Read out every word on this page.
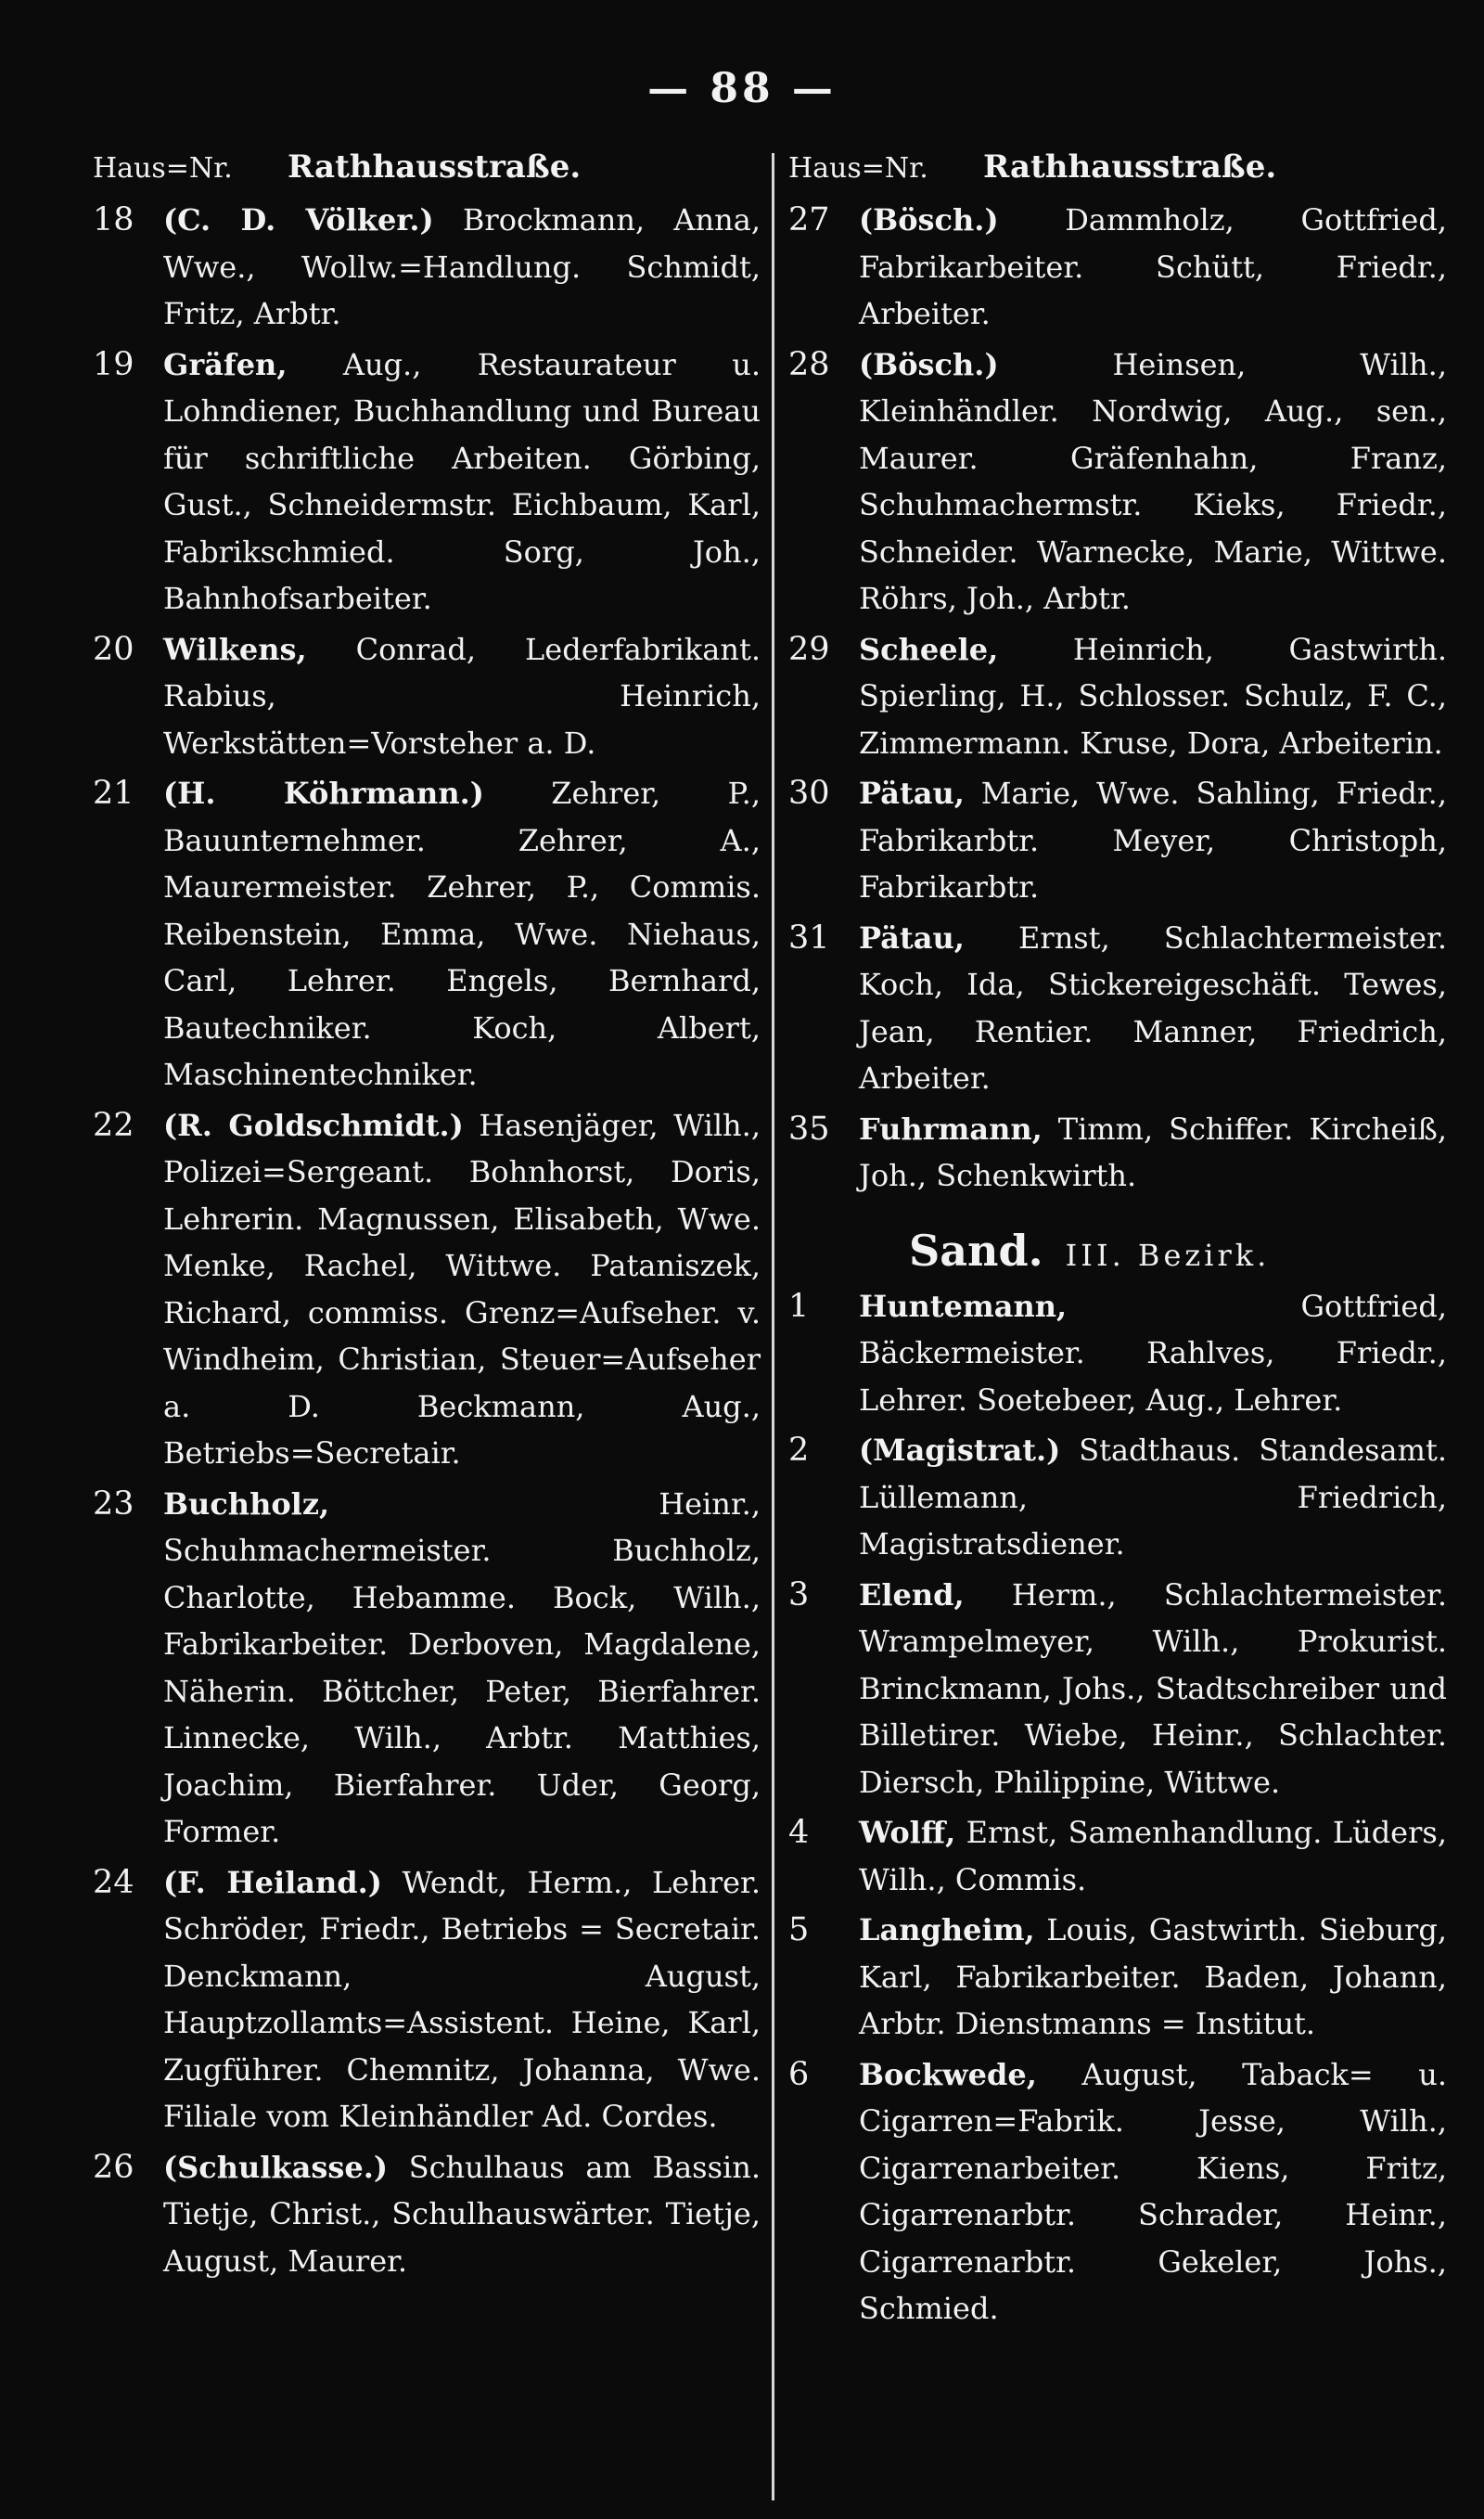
— 88 —
Haus=Nr.	Rathhausstraße.
18 (C. D. Völker.) Brockmann, Anna, Wwe., Wollw.=Handlung. Schmidt, Fritz, Arbtr.
19 Gräfen, Aug., Restaurateur u. Lohndiener, Buchhandlung und Bureau für schriftliche Arbeiten. Görbing, Gust., Schneidermstr. Eichbaum, Karl, Fabrikschmied. Sorg, Joh., Bahnhofsarbeiter.
20 Wilkens, Conrad, Lederfabrikant. Rabius, Heinrich, Werkstätten=Vorsteher a. D.
21 (H. Köhrmann.) Zehrer, P., Bauunternehmer. Zehrer, A., Maurermeister. Zehrer, P., Commis. Reibenstein, Emma, Wwe. Niehaus, Carl, Lehrer. Engels, Bernhard, Bautechniker. Koch, Albert, Maschinentechniker.
22 (R. Goldschmidt.) Hasenjäger, Wilh., Polizei=Sergeant. Bohnhorst, Doris, Lehrerin. Magnussen, Elisabeth, Wwe. Menke, Rachel, Wittwe. Pataniszek, Richard, commiss. Grenz=Aufseher. v. Windheim, Christian, Steuer=Aufseher a. D. Beckmann, Aug., Betriebs=Secretair.
23 Buchholz, Heinr., Schuhmachermeister. Buchholz, Charlotte, Hebamme. Bock, Wilh., Fabrikarbeiter. Derboven, Magdalene, Näherin. Böttcher, Peter, Bierfahrer. Linnecke, Wilh., Arbtr. Matthies, Joachim, Bierfahrer. Uder, Georg, Former.
24 (F. Heiland.) Wendt, Herm., Lehrer. Schröder, Friedr., Betriebs = Secretair. Denckmann, August, Hauptzollamts=Assistent. Heine, Karl, Zugführer. Chemnitz, Johanna, Wwe. Filiale vom Kleinhändler Ad. Cordes.
26 (Schulkasse.) Schulhaus am Bassin. Tietje, Christ., Schulhauswärter. Tietje, August, Maurer.
Haus=Nr.	Rathhausstraße.
27 (Bösch.) Dammholz, Gottfried, Fabrikarbeiter. Schütt, Friedr., Arbeiter.
28 (Bösch.) Heinsen, Wilh., Kleinhändler. Nordwig, Aug., sen., Maurer. Gräfenhahn, Franz, Schuhmachermstr. Kieks, Friedr., Schneider. Warnecke, Marie, Wittwe. Röhrs, Joh., Arbtr.
29 Scheele, Heinrich, Gastwirth. Spierling, H., Schlosser. Schulz, F. C., Zimmermann. Kruse, Dora, Arbeiterin.
30 Pätau, Marie, Wwe. Sahling, Friedr., Fabrikarbtr. Meyer, Christoph, Fabrikarbtr.
31 Pätau, Ernst, Schlachtermeister. Koch, Ida, Stickereigeschäft. Tewes, Jean, Rentier. Manner, Friedrich, Arbeiter.
35 Fuhrmann, Timm, Schiffer. Kircheiß, Joh., Schenkwirth.
Sand. III. Bezirk.
1	Huntemann, Gottfried, Bäckermeister. Rahlves, Friedr., Lehrer. Soetebeer, Aug., Lehrer.
2	(Magistrat.) Stadthaus. Standesamt. Lüllemann, Friedrich, Magistratsdiener.
3	Elend, Herm., Schlachtermeister. Wrampelmeyer, Wilh., Prokurist. Brinckmann, Johs., Stadtschreiber und Billetirer. Wiebe, Heinr., Schlachter. Diersch, Philippine, Wittwe.
4	Wolff, Ernst, Samenhandlung. Lüders, Wilh., Commis.
5	Langheim, Louis, Gastwirth. Sieburg, Karl, Fabrikarbeiter. Baden, Johann, Arbtr. Dienstmanns = Institut.
6	Bockwede, August, Taback= u. Cigarren=Fabrik. Jesse, Wilh., Cigarrenarbeiter. Kiens, Fritz, Cigarrenarbtr. Schrader, Heinr., Cigarrenarbtr. Gekeler, Johs., Schmied.
